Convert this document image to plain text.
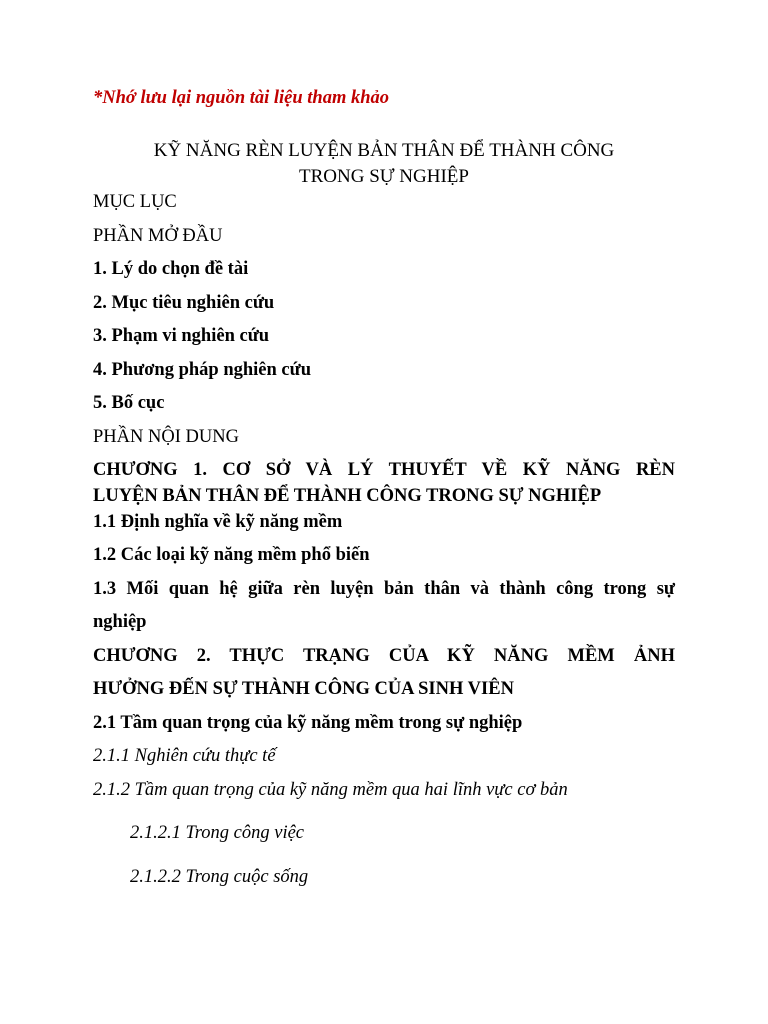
*Nhớ lưu lại nguồn tài liệu tham khảo
KỸ NĂNG RÈN LUYỆN BẢN THÂN ĐỂ THÀNH CÔNG
TRONG SỰ NGHIỆP
MỤC LỤC
PHẦN MỞ ĐẦU
1. Lý do chọn đề tài
2. Mục tiêu nghiên cứu
3. Phạm vi nghiên cứu
4. Phương pháp nghiên cứu
5. Bố cục
PHẦN NỘI DUNG
CHƯƠNG 1. CƠ SỞ VÀ LÝ THUYẾT VỀ KỸ NĂNG RÈN
LUYỆN BẢN THÂN ĐỂ THÀNH CÔNG TRONG SỰ NGHIỆP
1.1 Định nghĩa về kỹ năng mềm
1.2 Các loại kỹ năng mềm phổ biến
1.3 Mối quan hệ giữa rèn luyện bản thân và thành công trong sự
nghiệp
CHƯƠNG 2. THỰC TRẠNG CỦA KỸ NĂNG MỀM ẢNH
HƯỞNG ĐẾN SỰ THÀNH CÔNG CỦA SINH VIÊN
2.1 Tầm quan trọng của kỹ năng mềm trong sự nghiệp
2.1.1 Nghiên cứu thực tế
2.1.2 Tầm quan trọng của kỹ năng mềm qua hai lĩnh vực cơ bản
2.1.2.1 Trong công việc
2.1.2.2 Trong cuộc sống
